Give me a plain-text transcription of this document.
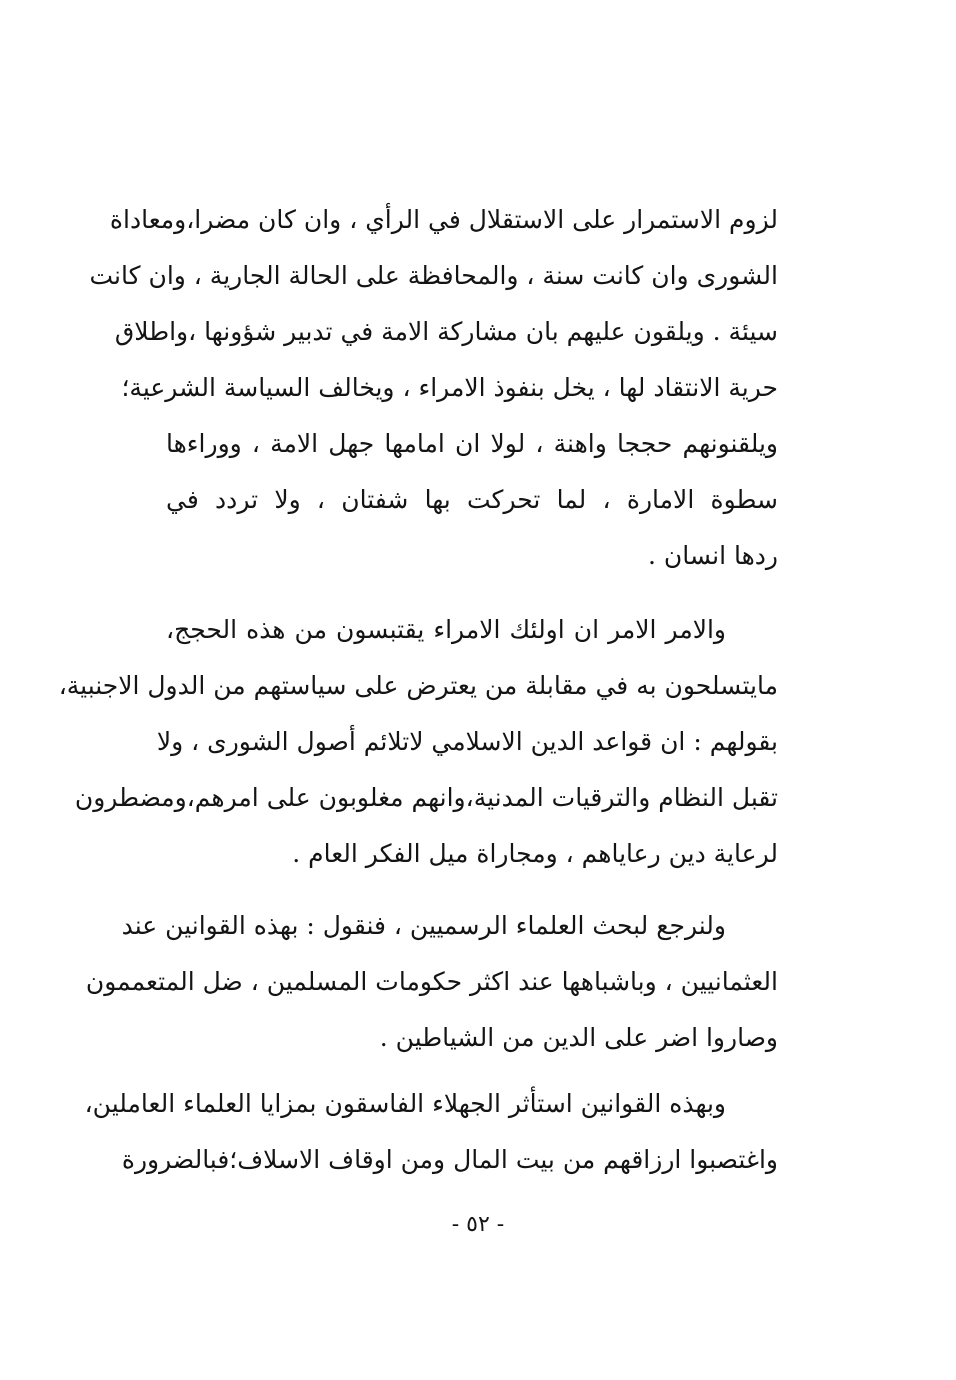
لزوم الاستمرار على الاستقلال في الرأي ، وان كان مضرا،ومعاداة
الشورى وان كانت سنة ، والمحافظة على الحالة الجارية ، وان كانت
سيئة . ويلقون عليهم بان مشاركة الامة في تدبير شؤونها ،واطلاق
حرية الانتقاد لها ، يخل بنفوذ الامراء ، ويخالف السياسة الشرعية؛
ويلقنونهم حججا واهنة ، لولا ان امامها جهل الامة ، ووراءها
سطوة الامارة ، لما تحركت بها شفتان ، ولا تردد في
ردها انسان .
والامر الامر ان اولئك الامراء يقتبسون من هذه الحجج،
مايتسلحون به في مقابلة من يعترض على سياستهم من الدول الاجنبية،
بقولهم : ان قواعد الدين الاسلامي لاتلائم أصول الشورى ، ولا
تقبل النظام والترقيات المدنية،وانهم مغلوبون على امرهم،ومضطرون
لرعاية دين رعاياهم ، ومجاراة ميل الفكر العام .
ولنرجع لبحث العلماء الرسميين ، فنقول : بهذه القوانين عند
العثمانيين ، وباشباهها عند اكثر حكومات المسلمين ، ضل المتعممون
وصاروا اضر على الدين من الشياطين .
وبهذه القوانين استأثر الجهلاء الفاسقون بمزايا العلماء العاملين،
واغتصبوا ارزاقهم من بيت المال ومن اوقاف الاسلاف؛فبالضرورة
- ٥٢ -
